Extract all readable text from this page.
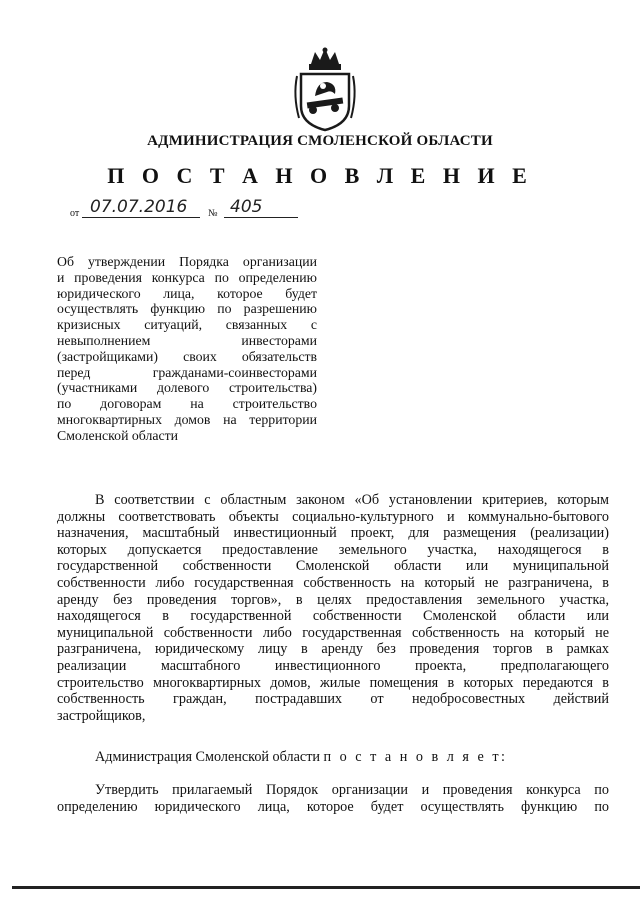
АДМИНИСТРАЦИЯ СМОЛЕНСКОЙ ОБЛАСТИ
П О С Т А Н О В Л Е Н И Е
от 07.07.2016 № 405
Об утверждении Порядка организации
и проведения конкурса по определению
юридического лица, которое будет
осуществлять функцию по разрешению
кризисных ситуаций, связанных с
невыполнением инвесторами
(застройщиками) своих обязательств
перед гражданами-соинвесторами
(участниками долевого строительства)
по договорам на строительство
многоквартирных домов на территории
Смоленской области
В соответствии с областным законом «Об установлении критериев, которым
должны соответствовать объекты социально-культурного и коммунально-бытового
назначения, масштабный инвестиционный проект, для размещения (реализации)
которых допускается предоставление земельного участка, находящегося в
государственной собственности Смоленской области или муниципальной
собственности либо государственная собственность на который не разграничена, в
аренду без проведения торгов», в целях предоставления земельного участка,
находящегося в государственной собственности Смоленской области или
муниципальной собственности либо государственная собственность на который не
разграничена, юридическому лицу в аренду без проведения торгов в рамках
реализации масштабного инвестиционного проекта, предполагающего
строительство многоквартирных домов, жилые помещения в которых передаются в
собственность граждан, пострадавших от недобросовестных действий
застройщиков,
Администрация Смоленской области п о с т а н о в л я е т:
Утвердить прилагаемый Порядок организации и проведения конкурса по
определению юридического лица, которое будет осуществлять функцию по
